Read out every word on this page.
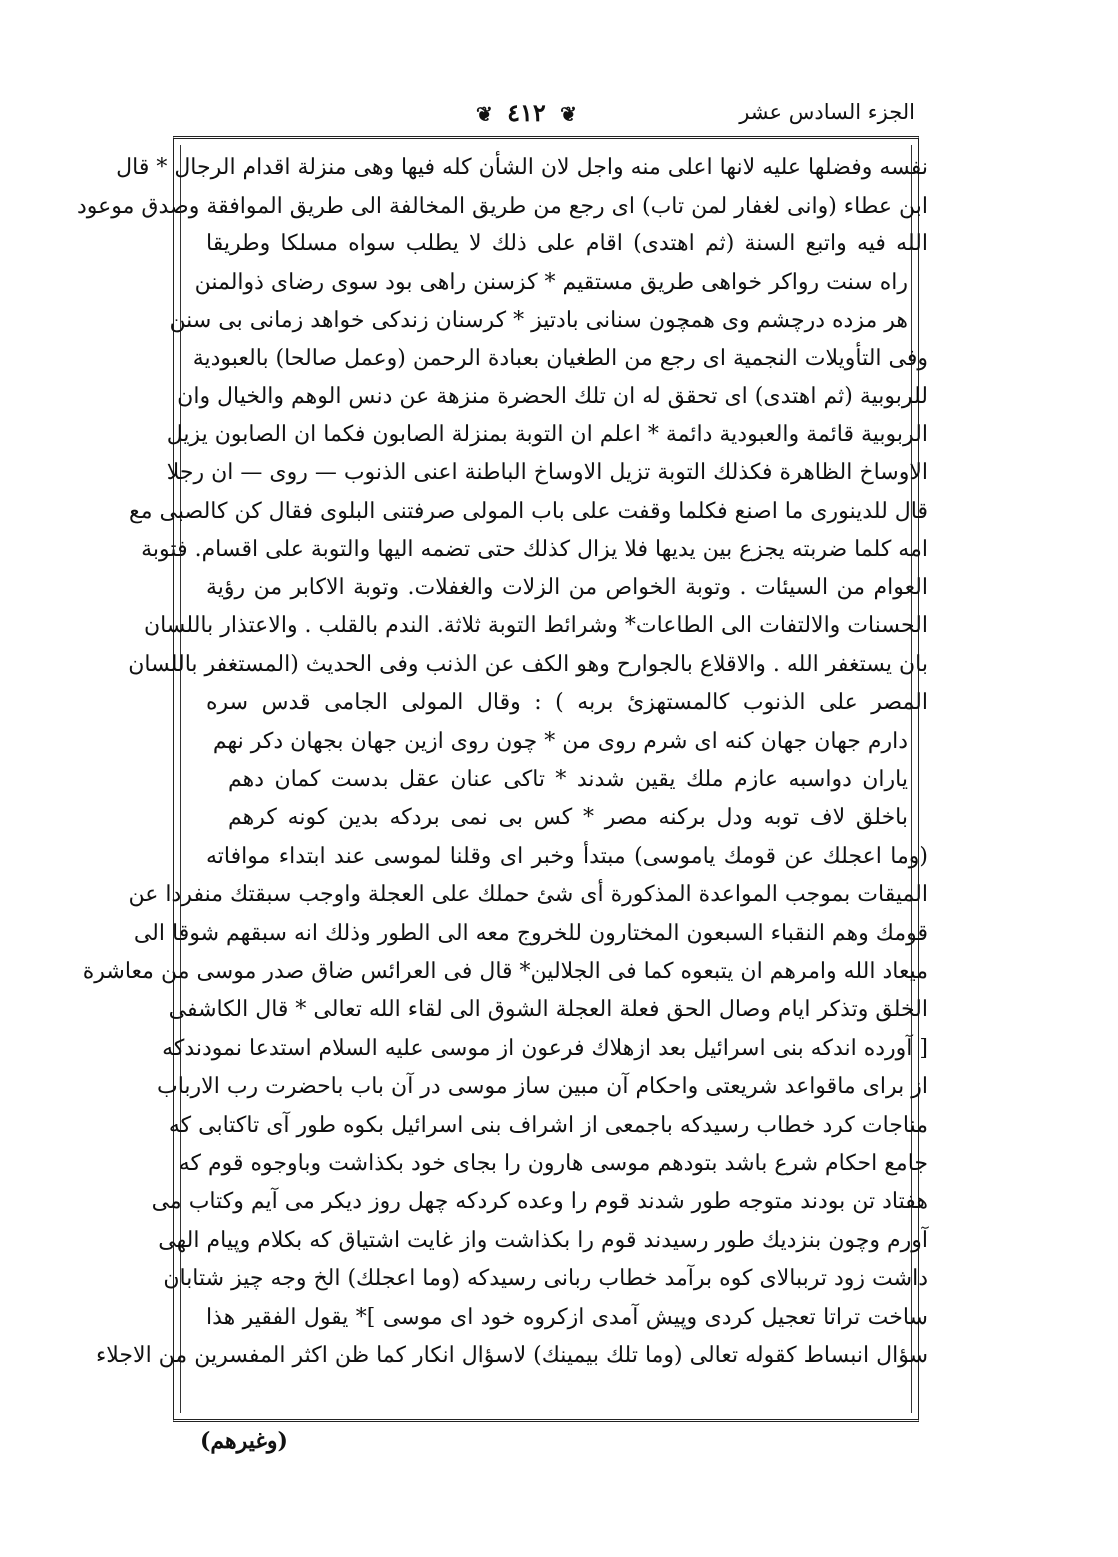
الجزء السادس عشر
❦ ٤١٢ ❦
نفسه وفضلها عليه لانها اعلى منه واجل لان الشأن كله فيها وهى منزلة اقدام الرجال * قال
ابن عطاء (وانى لغفار لمن تاب) اى رجع من طريق المخالفة الى طريق الموافقة وصدق موعود
الله فيه واتبع السنة (ثم اهتدى) اقام على ذلك لا يطلب سواه مسلكا وطريقا
راه سنت رواكر خواهى طريق مستقيم * كزسنن راهى بود سوى رضاى ذوالمنن
هر مزده درچشم وى همچون سنانى بادتيز * كرسنان زندكى خواهد زمانى بى سنن
وفى التأويلات النجمية اى رجع من الطغيان بعبادة الرحمن (وعمل صالحا) بالعبودية
للربوبية (ثم اهتدى) اى تحقق له ان تلك الحضرة منزهة عن دنس الوهم والخيال وان
الربوبية قائمة والعبودية دائمة * اعلم ان التوبة بمنزلة الصابون فكما ان الصابون يزيل
الاوساخ الظاهرة فكذلك التوبة تزيل الاوساخ الباطنة اعنى الذنوب — روى — ان رجلا
قال للدينورى ما اصنع فكلما وقفت على باب المولى صرفتنى البلوى فقال كن كالصبى مع
امه كلما ضربته يجزع بين يديها فلا يزال كذلك حتى تضمه اليها والتوبة على اقسام. فتوبة
العوام من السيئات . وتوبة الخواص من الزلات والغفلات. وتوبة الاكابر من رؤية
الحسنات والالتفات الى الطاعات* وشرائط التوبة ثلاثة. الندم بالقلب . والاعتذار باللسان
بان يستغفر الله . والاقلاع بالجوارح وهو الكف عن الذنب وفى الحديث (المستغفر باللسان
المصر على الذنوب كالمستهزئ بربه ) : وقال المولى الجامى قدس سره
دارم جهان جهان كنه اى شرم روى من * چون روى ازين جهان بجهان دكر نهم
ياران دواسبه عازم ملك يقين شدند * تاكى عنان عقل بدست كمان دهم
باخلق لاف توبه ودل بركنه مصر * كس بى نمى بردكه بدين كونه كرهم
(وما اعجلك عن قومك ياموسى) مبتدأ وخبر اى وقلنا لموسى عند ابتداء موافاته
الميقات بموجب المواعدة المذكورة أى شئ حملك على العجلة واوجب سبقتك منفردا عن
قومك وهم النقباء السبعون المختارون للخروج معه الى الطور وذلك انه سبقهم شوقا الى
ميعاد الله وامرهم ان يتبعوه كما فى الجلالين* قال فى العرائس ضاق صدر موسى من معاشرة
الخلق وتذكر ايام وصال الحق فعلة العجلة الشوق الى لقاء الله تعالى * قال الكاشفى
[ آورده اندكه بنى اسرائيل بعد ازهلاك فرعون از موسى عليه السلام استدعا نمودندكه
از براى ماقواعد شريعتى واحكام آن مبين ساز موسى در آن باب باحضرت رب الارباب
مناجات كرد خطاب رسيدكه باجمعى از اشراف بنى اسرائيل بكوه طور آى تاكتابى كه
جامع احكام شرع باشد بتودهم موسى هارون را بجاى خود بكذاشت وباوجوه قوم كه
هفتاد تن بودند متوجه طور شدند قوم را وعده كردكه چهل روز ديكر مى آيم وكتاب مى
آورم وچون بنزديك طور رسيدند قوم را بكذاشت واز غايت اشتياق كه بكلام وپيام الهى
داشت زود ترببالاى كوه برآمد خطاب ربانى رسيدكه (وما اعجلك) الخ وجه چيز شتابان
ساخت تراتا تعجيل كردى وپيش آمدى ازكروه خود اى موسى ]* يقول الفقير هذا
سؤال انبساط كقوله تعالى (وما تلك بيمينك) لاسؤال انكار كما ظن اكثر المفسرين من الاجلاء
(وغيرهم)
